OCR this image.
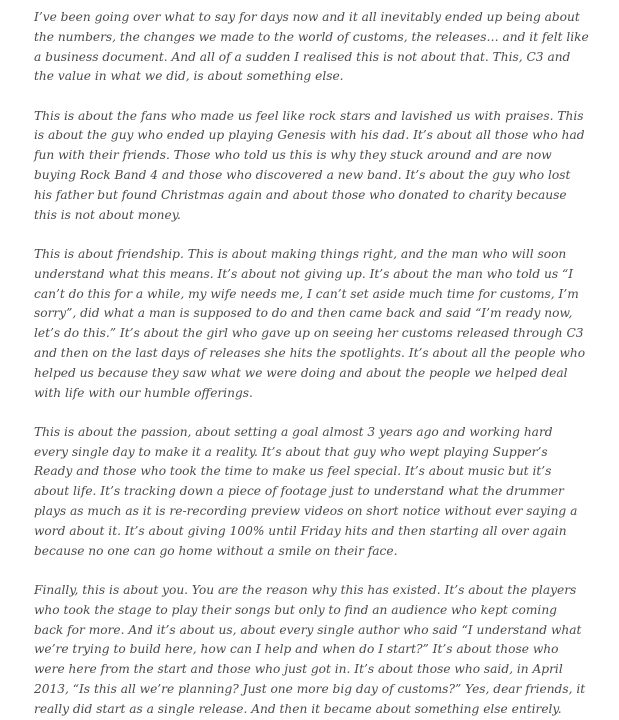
I’ve been going over what to say for days now and it all inevitably ended up being about the numbers, the changes we made to the world of customs, the releases… and it felt like a business document. And all of a sudden I realised this is not about that. This, C3 and the value in what we did, is about something else.

This is about the fans who made us feel like rock stars and lavished us with praises. This is about the guy who ended up playing Genesis with his dad. It’s about all those who had fun with their friends. Those who told us this is why they stuck around and are now buying Rock Band 4 and those who discovered a new band. It’s about the guy who lost his father but found Christmas again and about those who donated to charity because this is not about money.

This is about friendship. This is about making things right, and the man who will soon understand what this means. It’s about not giving up. It’s about the man who told us “I can’t do this for a while, my wife needs me, I can’t set aside much time for customs, I’m sorry”, did what a man is supposed to do and then came back and said “I’m ready now, let’s do this.” It’s about the girl who gave up on seeing her customs released through C3 and then on the last days of releases she hits the spotlights. It’s about all the people who helped us because they saw what we were doing and about the people we helped deal with life with our humble offerings.

This is about the passion, about setting a goal almost 3 years ago and working hard every single day to make it a reality. It’s about that guy who wept playing Supper’s Ready and those who took the time to make us feel special. It’s about music but it’s about life. It’s tracking down a piece of footage just to understand what the drummer plays as much as it is re-recording preview videos on short notice without ever saying a word about it. It’s about giving 100% until Friday hits and then starting all over again because no one can go home without a smile on their face.

Finally, this is about you. You are the reason why this has existed. It’s about the players who took the stage to play their songs but only to find an audience who kept coming back for more. And it’s about us, about every single author who said “I understand what we’re trying to build here, how can I help and when do I start?” It’s about those who were here from the start and those who just got in. It’s about those who said, in April 2013, “Is this all we’re planning? Just one more big day of customs?” Yes, dear friends, it really did start as a single release. And then it became about something else entirely.
